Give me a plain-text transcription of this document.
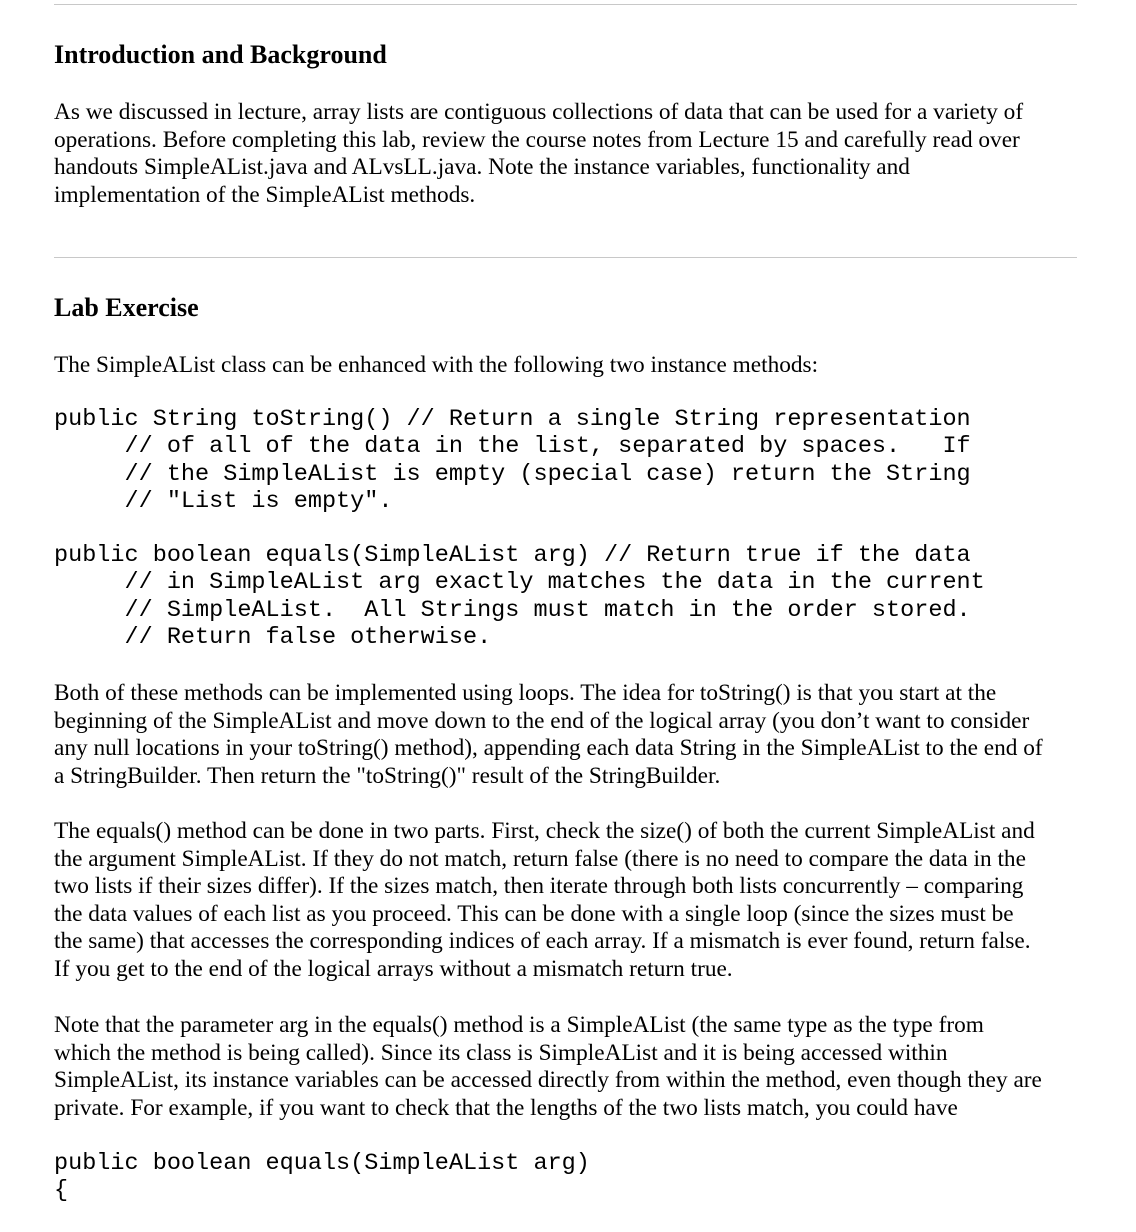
Introduction and Background

As we discussed in lecture, array lists are contiguous collections of data that can be used for a variety of
operations. Before completing this lab, review the course notes from Lecture 15 and carefully read over
handouts SimpleAList.java and ALvsLL.java. Note the instance variables, functionality and
implementation of the SimpleAList methods.

Lab Exercise

The SimpleAList class can be enhanced with the following two instance methods:

public String toString() // Return a single String representation
// of all of the data in the list, separated by spaces.   If
// the SimpleAList is empty (special case) return the String
// "List is empty".
public boolean equals(SimpleAList arg) // Return true if the data
// in SimpleAList arg exactly matches the data in the current
// SimpleAList.  All Strings must match in the order stored.
// Return false otherwise.

Both of these methods can be implemented using loops. The idea for toString() is that you start at the
beginning of the SimpleAList and move down to the end of the logical array (you don’t want to consider
any null locations in your toString() method), appending each data String in the SimpleAList to the end of
a StringBuilder. Then return the "toString()" result of the StringBuilder.

The equals() method can be done in two parts. First, check the size() of both the current SimpleAList and
the argument SimpleAList. If they do not match, return false (there is no need to compare the data in the
two lists if their sizes differ). If the sizes match, then iterate through both lists concurrently – comparing
the data values of each list as you proceed. This can be done with a single loop (since the sizes must be
the same) that accesses the corresponding indices of each array. If a mismatch is ever found, return false.
If you get to the end of the logical arrays without a mismatch return true.

Note that the parameter arg in the equals() method is a SimpleAList (the same type as the type from
which the method is being called). Since its class is SimpleAList and it is being accessed within
SimpleAList, its instance variables can be accessed directly from within the method, even though they are
private. For example, if you want to check that the lengths of the two lists match, you could have

public boolean equals(SimpleAList arg)
{
